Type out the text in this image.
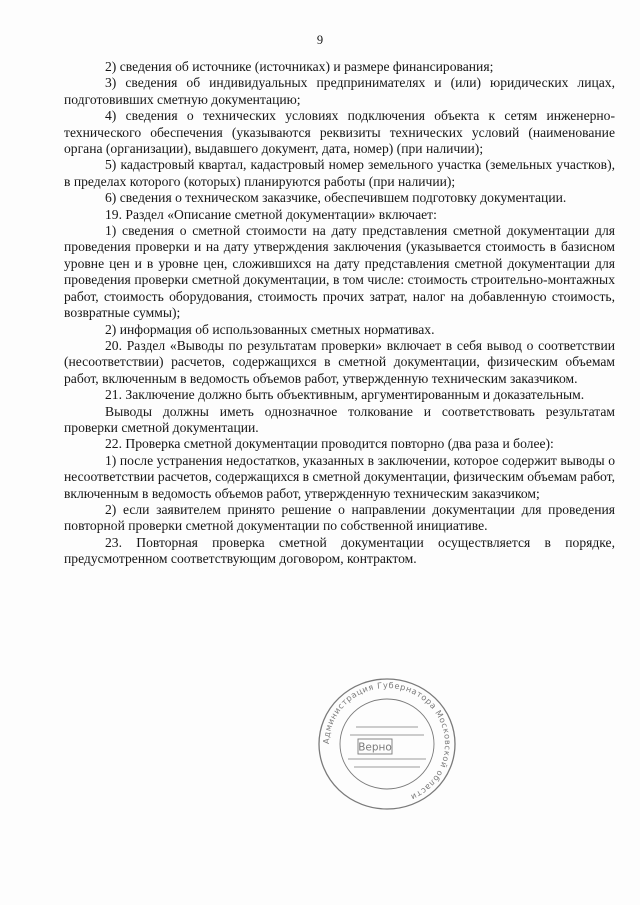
9

2) сведения об источнике (источниках) и размере финансирования;

3) сведения об индивидуальных предпринимателях и (или) юридических лицах, подготовивших сметную документацию;

4) сведения о технических условиях подключения объекта к сетям инженерно-технического обеспечения (указываются реквизиты технических условий (наименование органа (организации), выдавшего документ, дата, номер) (при наличии);

5) кадастровый квартал, кадастровый номер земельного участка (земельных участков), в пределах которого (которых) планируются работы (при наличии);

6) сведения о техническом заказчике, обеспечившем подготовку документации.

19. Раздел «Описание сметной документации» включает:

1) сведения о сметной стоимости на дату представления сметной документации для проведения проверки и на дату утверждения заключения (указывается стоимость в базисном уровне цен и в уровне цен, сложившихся на дату представления сметной документации для проведения проверки сметной документации, в том числе: стоимость строительно-монтажных работ, стоимость оборудования, стоимость прочих затрат, налог на добавленную стоимость, возвратные суммы);

2) информация об использованных сметных нормативах.

20. Раздел «Выводы по результатам проверки» включает в себя вывод о соответствии (несоответствии) расчетов, содержащихся в сметной документации, физическим объемам работ, включенным в ведомость объемов работ, утвержденную техническим заказчиком.

21. Заключение должно быть объективным, аргументированным и доказательным.

Выводы должны иметь однозначное толкование и соответствовать результатам проверки сметной документации.

22. Проверка сметной документации проводится повторно (два раза и более):

1) после устранения недостатков, указанных в заключении, которое содержит выводы о несоответствии расчетов, содержащихся в сметной документации, физическим объемам работ, включенным в ведомость объемов работ, утвержденную техническим заказчиком;

2) если заявителем принято решение о направлении документации для проведения повторной проверки сметной документации по собственной инициативе.

23. Повторная проверка сметной документации осуществляется в порядке, предусмотренном соответствующим договором, контрактом.

Администрация Губернатора Московской области
Верно
